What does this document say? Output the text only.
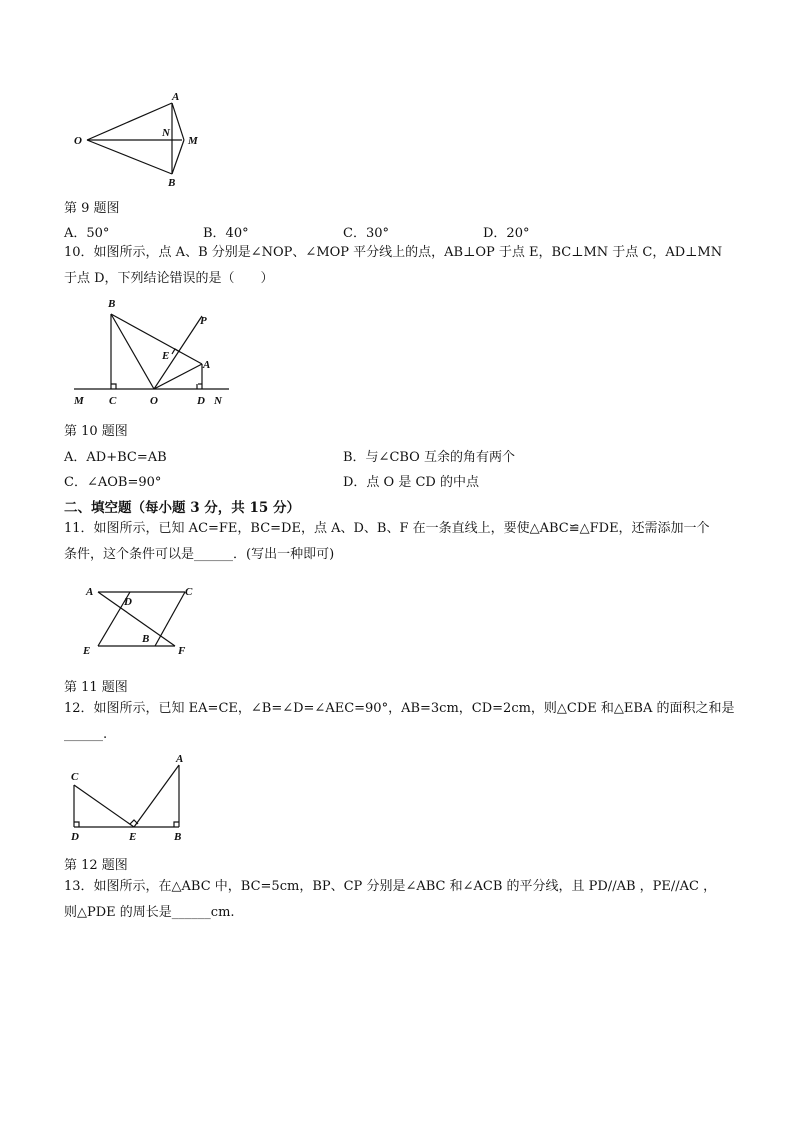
A
O
N
M
B
第 9 题图
A．50°	B．40°	C．30°	D．20°
10．如图所示，点 A、B 分别是∠NOP、∠MOP 平分线上的点，AB⊥OP 于点 E，BC⊥MN 于点 C，AD⊥MN
于点 D，下列结论错误的是（　　）
B
P
E
A
M C	O	D N
第 10 题图
A．AD+BC=AB	B．与∠CBO 互余的角有两个
C．∠AOB=90°	D．点 O 是 CD 的中点
二、填空题（每小题 3 分，共 15 分）
11．如图所示，已知 AC=FE，BC=DE，点 A、D、B、F 在一条直线上，要使△ABC≌△FDE，还需添加一个
条件，这个条件可以是______．(写出一种即可)
A	C
D
B
E	F
第 11 题图
12．如图所示，已知 EA=CE，∠B=∠D=∠AEC=90°，AB=3cm，CD=2cm，则△CDE 和△EBA 的面积之和是
______.
C
A
D	E	B
第 12 题图
13．如图所示，在△ABC 中，BC=5cm，BP、CP 分别是∠ABC 和∠ACB 的平分线，且 PD//AB ，PE//AC ，
则△PDE 的周长是______cm.
